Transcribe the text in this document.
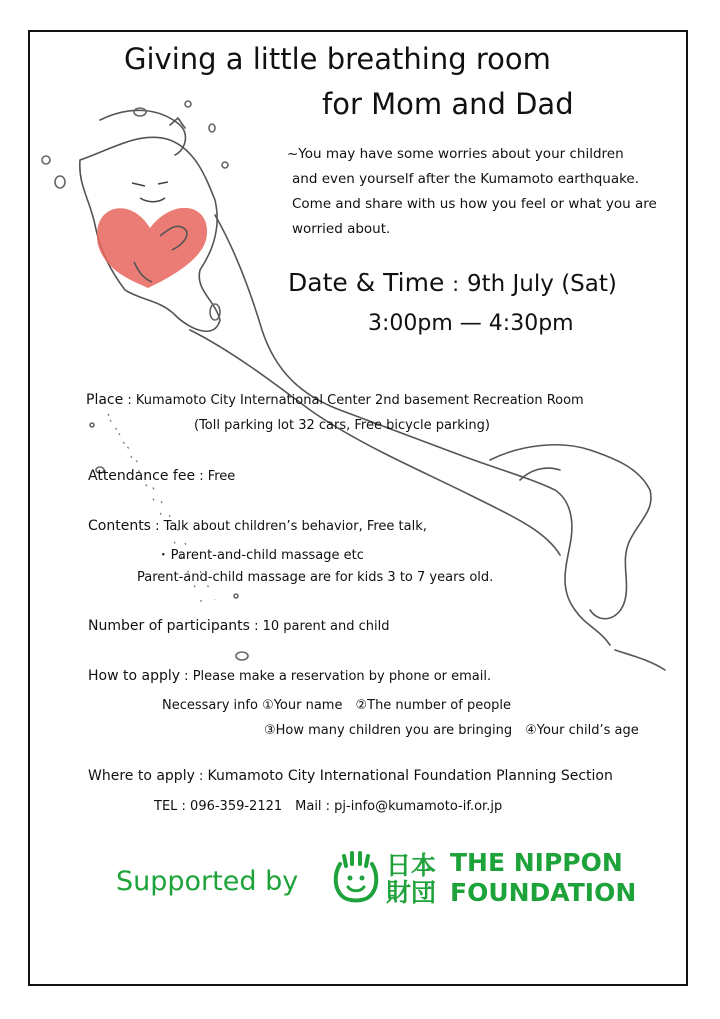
Giving a little breathing room
for Mom and Dad
~You may have some worries about your children
and even yourself after the Kumamoto earthquake.
Come and share with us how you feel or what you are
worried about.
Date & Time : 9th July (Sat)
3:00pm — 4:30pm
Place : Kumamoto City International Center 2nd basement Recreation Room
(Toll parking lot 32 cars, Free bicycle parking)
Attendance fee : Free
Contents : Talk about children’s behavior, Free talk,
･ Parent-and-child massage etc
Parent-and-child massage are for kids 3 to 7 years old.
Number of participants : 10 parent and child
How to apply : Please make a reservation by phone or email.
Necessary info ①Your name　②The number of people
③How many children you are bringing　④Your child’s age
Where to apply : Kumamoto City International Foundation Planning Section
TEL : 096-359-2121　Mail : pj-info@kumamoto-if.or.jp
Supported by
日本
財団
THE NIPPON
FOUNDATION
